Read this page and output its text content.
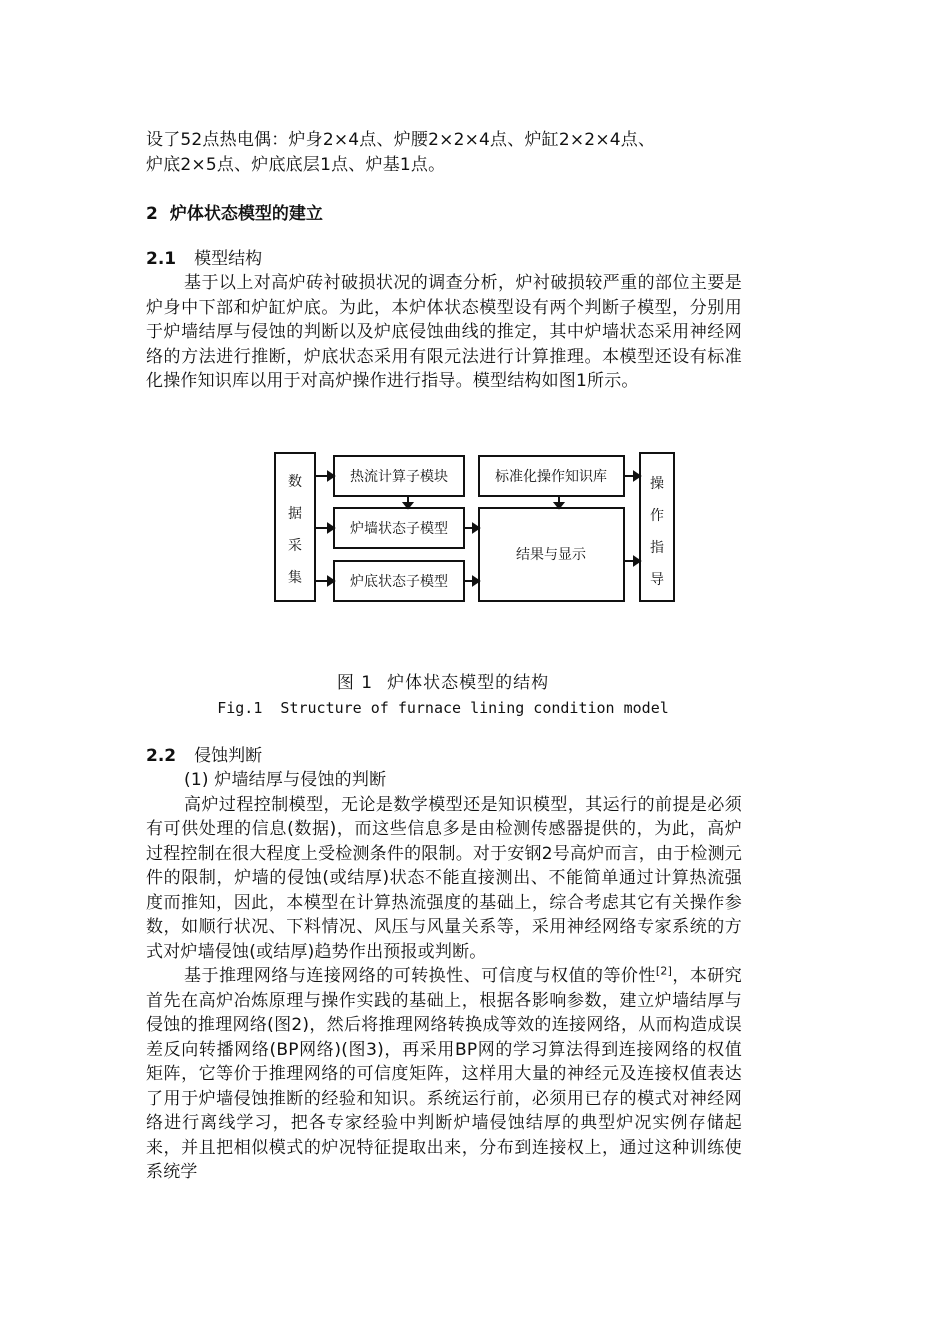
设了52点热电偶：炉身2×4点、炉腰2×2×4点、炉缸2×2×4点、

炉底2×5点、炉底底层1点、炉基1点。

2 炉体状态模型的建立
2.1 模型结构

基于以上对高炉砖衬破损状况的调查分析，炉衬破损较严重的部位主要是炉身中下部和炉缸炉底。为此，本炉体状态模型设有两个判断子模型，分别用于炉墙结厚与侵蚀的判断以及炉底侵蚀曲线的推定，其中炉墙状态采用神经网络的方法进行推断，炉底状态采用有限元法进行计算推理。本模型还设有标准化操作知识库以用于对高炉操作进行指导。模型结构如图1所示。

数
据
采
集
热流计算子模块
炉墙状态子模型
炉底状态子模型
标准化操作知识库
结果与显示
操
作
指
导
图 1 炉体状态模型的结构
Fig.1  Structure of furnace lining condition model
2.2 侵蚀判断

(1) 炉墙结厚与侵蚀的判断

高炉过程控制模型，无论是数学模型还是知识模型，其运行的前提是必须有可供处理的信息(数据)，而这些信息多是由检测传感器提供的，为此，高炉过程控制在很大程度上受检测条件的限制。对于安钢2号高炉而言，由于检测元件的限制，炉墙的侵蚀(或结厚)状态不能直接测出、不能简单通过计算热流强度而推知，因此，本模型在计算热流强度的基础上，综合考虑其它有关操作参数，如顺行状况、下料情况、风压与风量关系等，采用神经网络专家系统的方式对炉墙侵蚀(或结厚)趋势作出预报或判断。

基于推理网络与连接网络的可转换性、可信度与权值的等价性[2]，本研究首先在高炉冶炼原理与操作实践的基础上，根据各影响参数，建立炉墙结厚与侵蚀的推理网络(图2)，然后将推理网络转换成等效的连接网络，从而构造成误差反向转播网络(BP网络)(图3)，再采用BP网的学习算法得到连接网络的权值矩阵，它等价于推理网络的可信度矩阵，这样用大量的神经元及连接权值表达了用于炉墙侵蚀推断的经验和知识。系统运行前，必须用已存的模式对神经网络进行离线学习，把各专家经验中判断炉墙侵蚀结厚的典型炉况实例存储起来，并且把相似模式的炉况特征提取出来，分布到连接权上，通过这种训练使系统学
